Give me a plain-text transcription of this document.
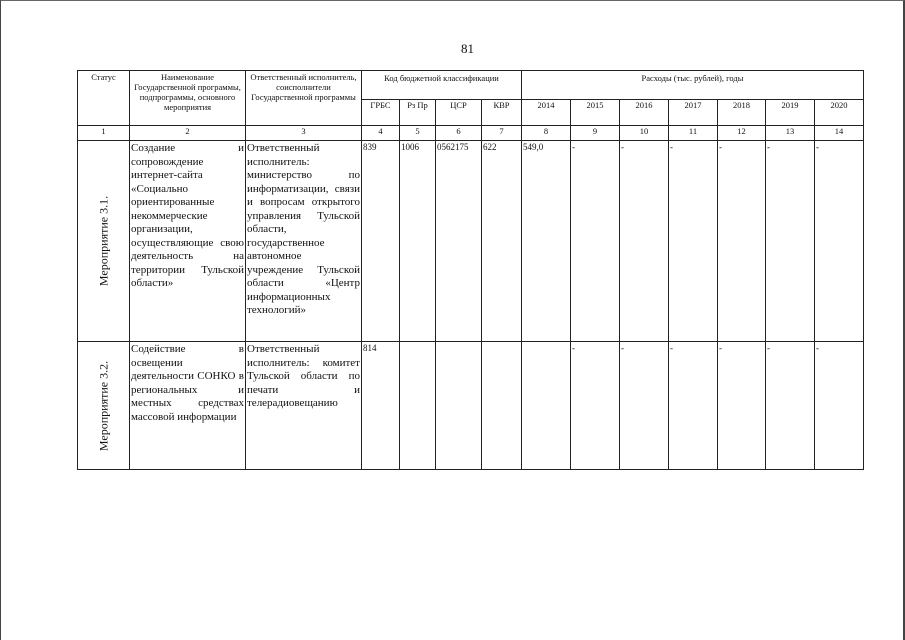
81
Статус	Наименование Государственной программы, подпрограммы, основного мероприятия	Ответственный исполнитель, соисполнители Государственной программы	Код бюджетной классификации				Расходы (тыс. рублей), годы						
			ГРБС	Рз Пр	ЦСР	КВР	2014	2015	2016	2017	2018	2019	2020
1	2	3	4	5	6	7	8	9	10	11	12	13	14

Мероприятие 3.1.	Создание и сопровождение интернет-сайта «Социально ориентированные некоммерческие организации, осуществляющие свою деятельность на территории Тульской области»	Ответственный исполнитель: министерство по информатизации, связи и вопросам открытого управления Тульской области, государственное автономное учреждение Тульской области «Центр информационных технологий»	839	1006	0562175	622	549,0	-	-	-	-	-	-

Мероприятие 3.2.	Содействие в освещении деятельности СОНКО в региональных и местных средствах массовой информации	Ответственный исполнитель: комитет Тульской области по печати и телерадиовещанию	814					-	-	-	-	-	-
